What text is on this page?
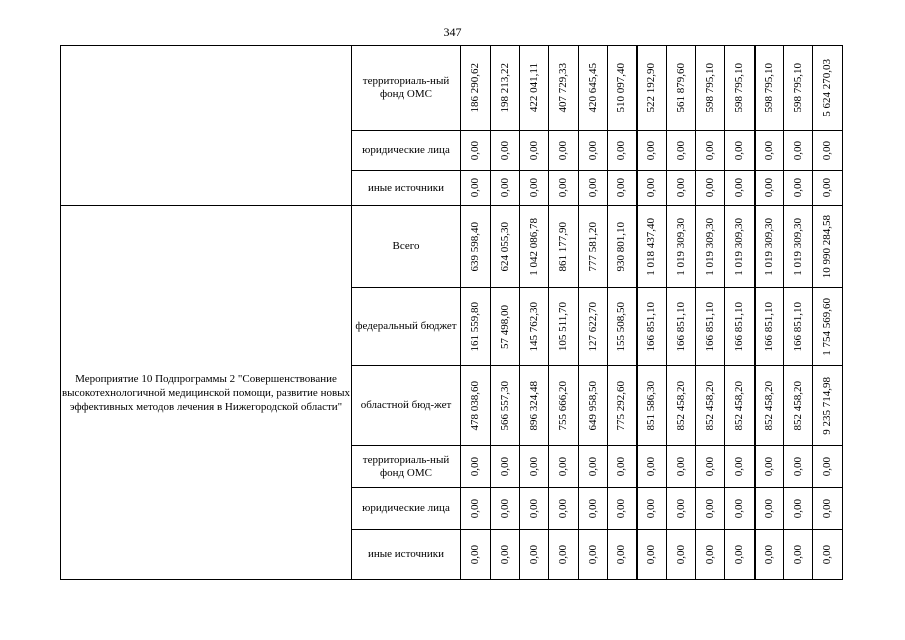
347
	территориаль-ный фонд ОМС	186 290,62	198 213,22	422 041,11	407 729,33	420 645,45	510 097,40	522 192,90	561 879,60	598 795,10	598 795,10	598 795,10	598 795,10	5 624 270,03

	юридические лица	0,00	0,00	0,00	0,00	0,00	0,00	0,00	0,00	0,00	0,00	0,00	0,00	0,00

	иные источники	0,00	0,00	0,00	0,00	0,00	0,00	0,00	0,00	0,00	0,00	0,00	0,00	0,00

Мероприятие 10 Подпрограммы 2 "Совершенствование высокотехнологичной медицинской помощи, развитие новых эффективных методов лечения в Нижегородской области"	Всего	639 598,40	624 055,30	1 042 086,78	861 177,90	777 581,20	930 801,10	1 018 437,40	1 019 309,30	1 019 309,30	1 019 309,30	1 019 309,30	1 019 309,30	10 990 284,58

	федеральный бюджет	161 559,80	57 498,00	145 762,30	105 511,70	127 622,70	155 508,50	166 851,10	166 851,10	166 851,10	166 851,10	166 851,10	166 851,10	1 754 569,60

	областной бюд-жет	478 038,60	566 557,30	896 324,48	755 666,20	649 958,50	775 292,60	851 586,30	852 458,20	852 458,20	852 458,20	852 458,20	852 458,20	9 235 714,98

	территориаль-ный фонд ОМС	0,00	0,00	0,00	0,00	0,00	0,00	0,00	0,00	0,00	0,00	0,00	0,00	0,00

	юридические лица	0,00	0,00	0,00	0,00	0,00	0,00	0,00	0,00	0,00	0,00	0,00	0,00	0,00

	иные источники	0,00	0,00	0,00	0,00	0,00	0,00	0,00	0,00	0,00	0,00	0,00	0,00	0,00
